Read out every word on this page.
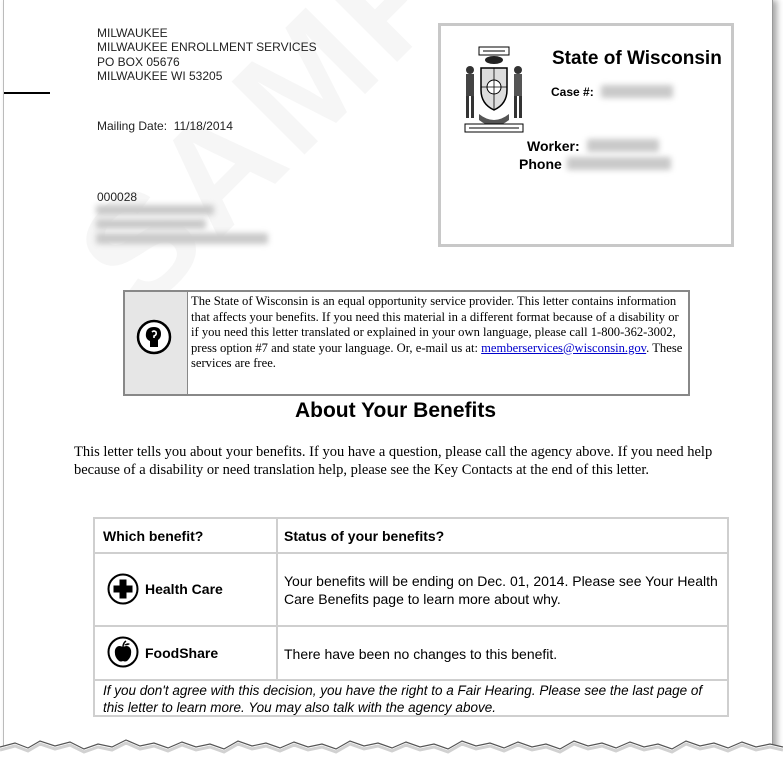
MILWAUKEE
MILWAUKEE ENROLLMENT SERVICES
PO BOX 05676
MILWAUKEE WI 53205
Mailing Date: 11/18/2014
000028
State of Wisconsin
Case #:
Worker:
Phone
The State of Wisconsin is an equal opportunity service provider. This letter contains information that affects your benefits. If you need this material in a different format because of a disability or if you need this letter translated or explained in your own language, please call 1-800-362-3002, press option #7 and state your language. Or, e-mail us at: memberservices@wisconsin.gov. These services are free.
About Your Benefits
This letter tells you about your benefits. If you have a question, please call the agency above. If you need help because of a disability or need translation help, please see the Key Contacts at the end of this letter.
Which benefit?	Status of your benefits?
Health Care	Your benefits will be ending on Dec. 01, 2014. Please see Your Health Care Benefits page to learn more about why.
FoodShare	There have been no changes to this benefit.
If you don't agree with this decision, you have the right to a Fair Hearing. Please see the last page of this letter to learn more. You may also talk with the agency above.
